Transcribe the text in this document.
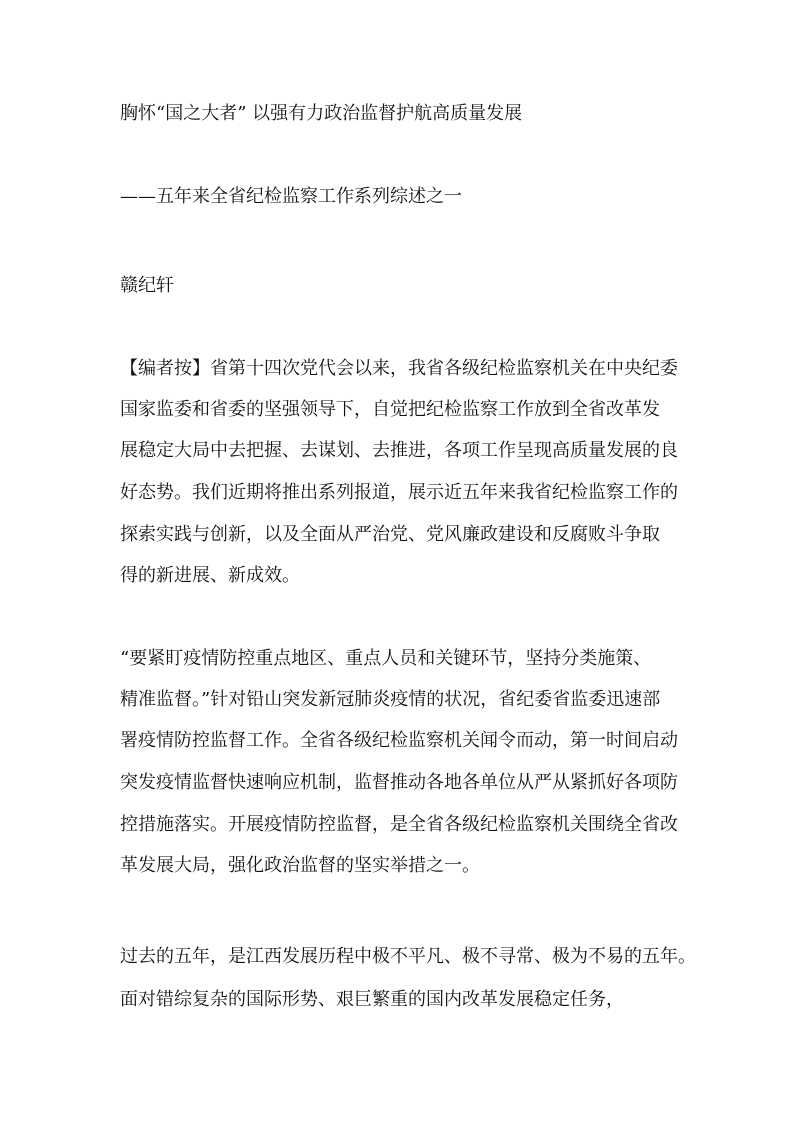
胸怀“国之大者” 以强有力政治监督护航高质量发展
——五年来全省纪检监察工作系列综述之一
赣纪轩
【编者按】省第十四次党代会以来，我省各级纪检监察机关在中央纪委
国家监委和省委的坚强领导下，自觉把纪检监察工作放到全省改革发
展稳定大局中去把握、去谋划、去推进，各项工作呈现高质量发展的良
好态势。我们近期将推出系列报道，展示近五年来我省纪检监察工作的
探索实践与创新，以及全面从严治党、党风廉政建设和反腐败斗争取
得的新进展、新成效。
“要紧盯疫情防控重点地区、重点人员和关键环节，坚持分类施策、
精准监督。”针对铅山突发新冠肺炎疫情的状况，省纪委省监委迅速部
署疫情防控监督工作。全省各级纪检监察机关闻令而动，第一时间启动
突发疫情监督快速响应机制，监督推动各地各单位从严从紧抓好各项防
控措施落实。开展疫情防控监督，是全省各级纪检监察机关围绕全省改
革发展大局，强化政治监督的坚实举措之一。
过去的五年，是江西发展历程中极不平凡、极不寻常、极为不易的五年。
面对错综复杂的国际形势、艰巨繁重的国内改革发展稳定任务，
